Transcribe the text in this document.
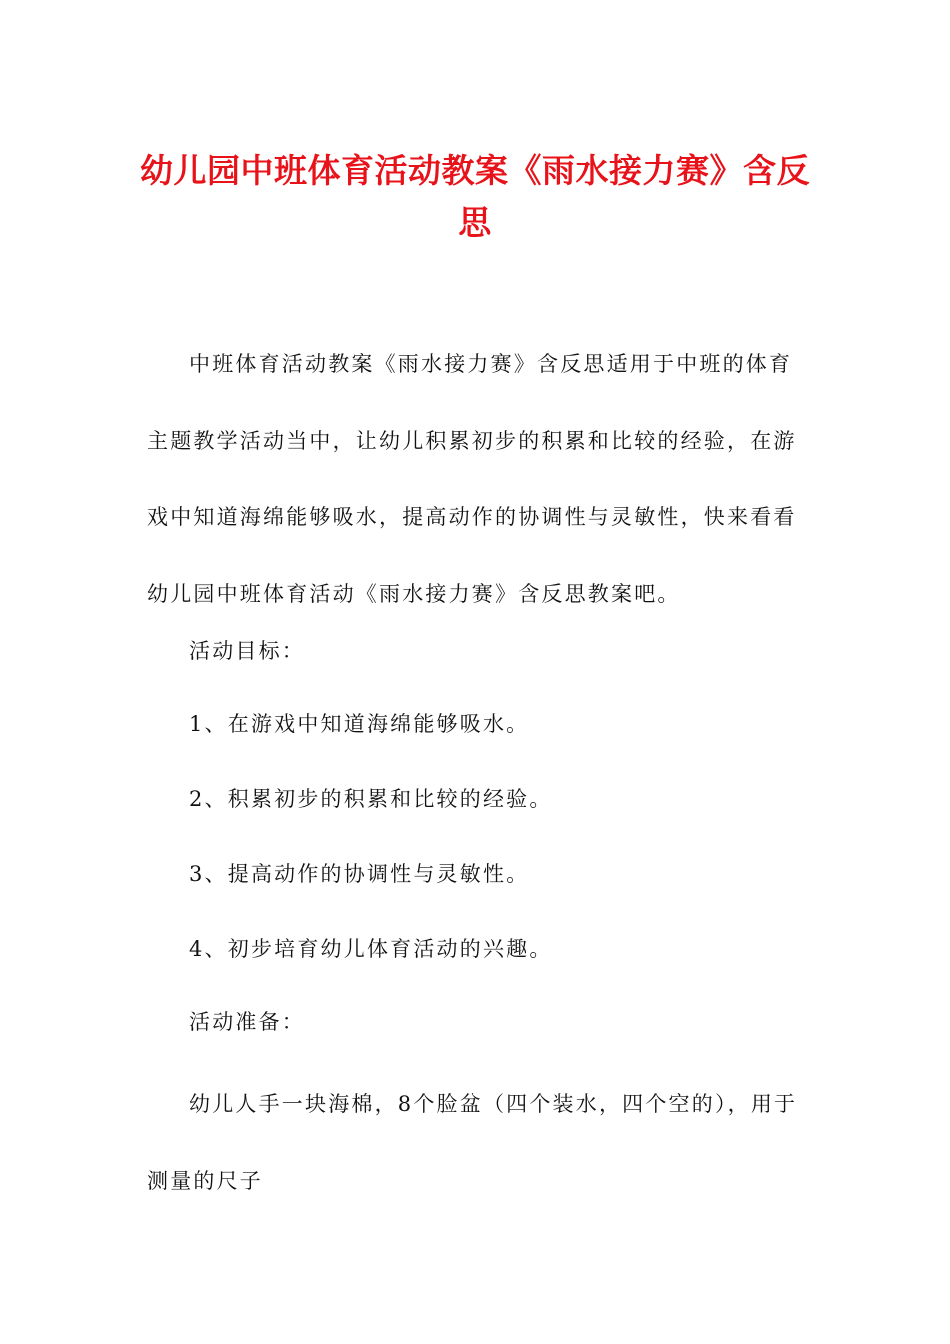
幼儿园中班体育活动教案《雨水接力赛》含反思
中班体育活动教案《雨水接力赛》含反思适用于中班的体育主题教学活动当中，让幼儿积累初步的积累和比较的经验，在游戏中知道海绵能够吸水，提高动作的协调性与灵敏性，快来看看幼儿园中班体育活动《雨水接力赛》含反思教案吧。
活动目标：
1、在游戏中知道海绵能够吸水。
2、积累初步的积累和比较的经验。
3、提高动作的协调性与灵敏性。
4、初步培育幼儿体育活动的兴趣。
活动准备：
幼儿人手一块海棉，8个脸盆（四个装水，四个空的），用于测量的尺子
